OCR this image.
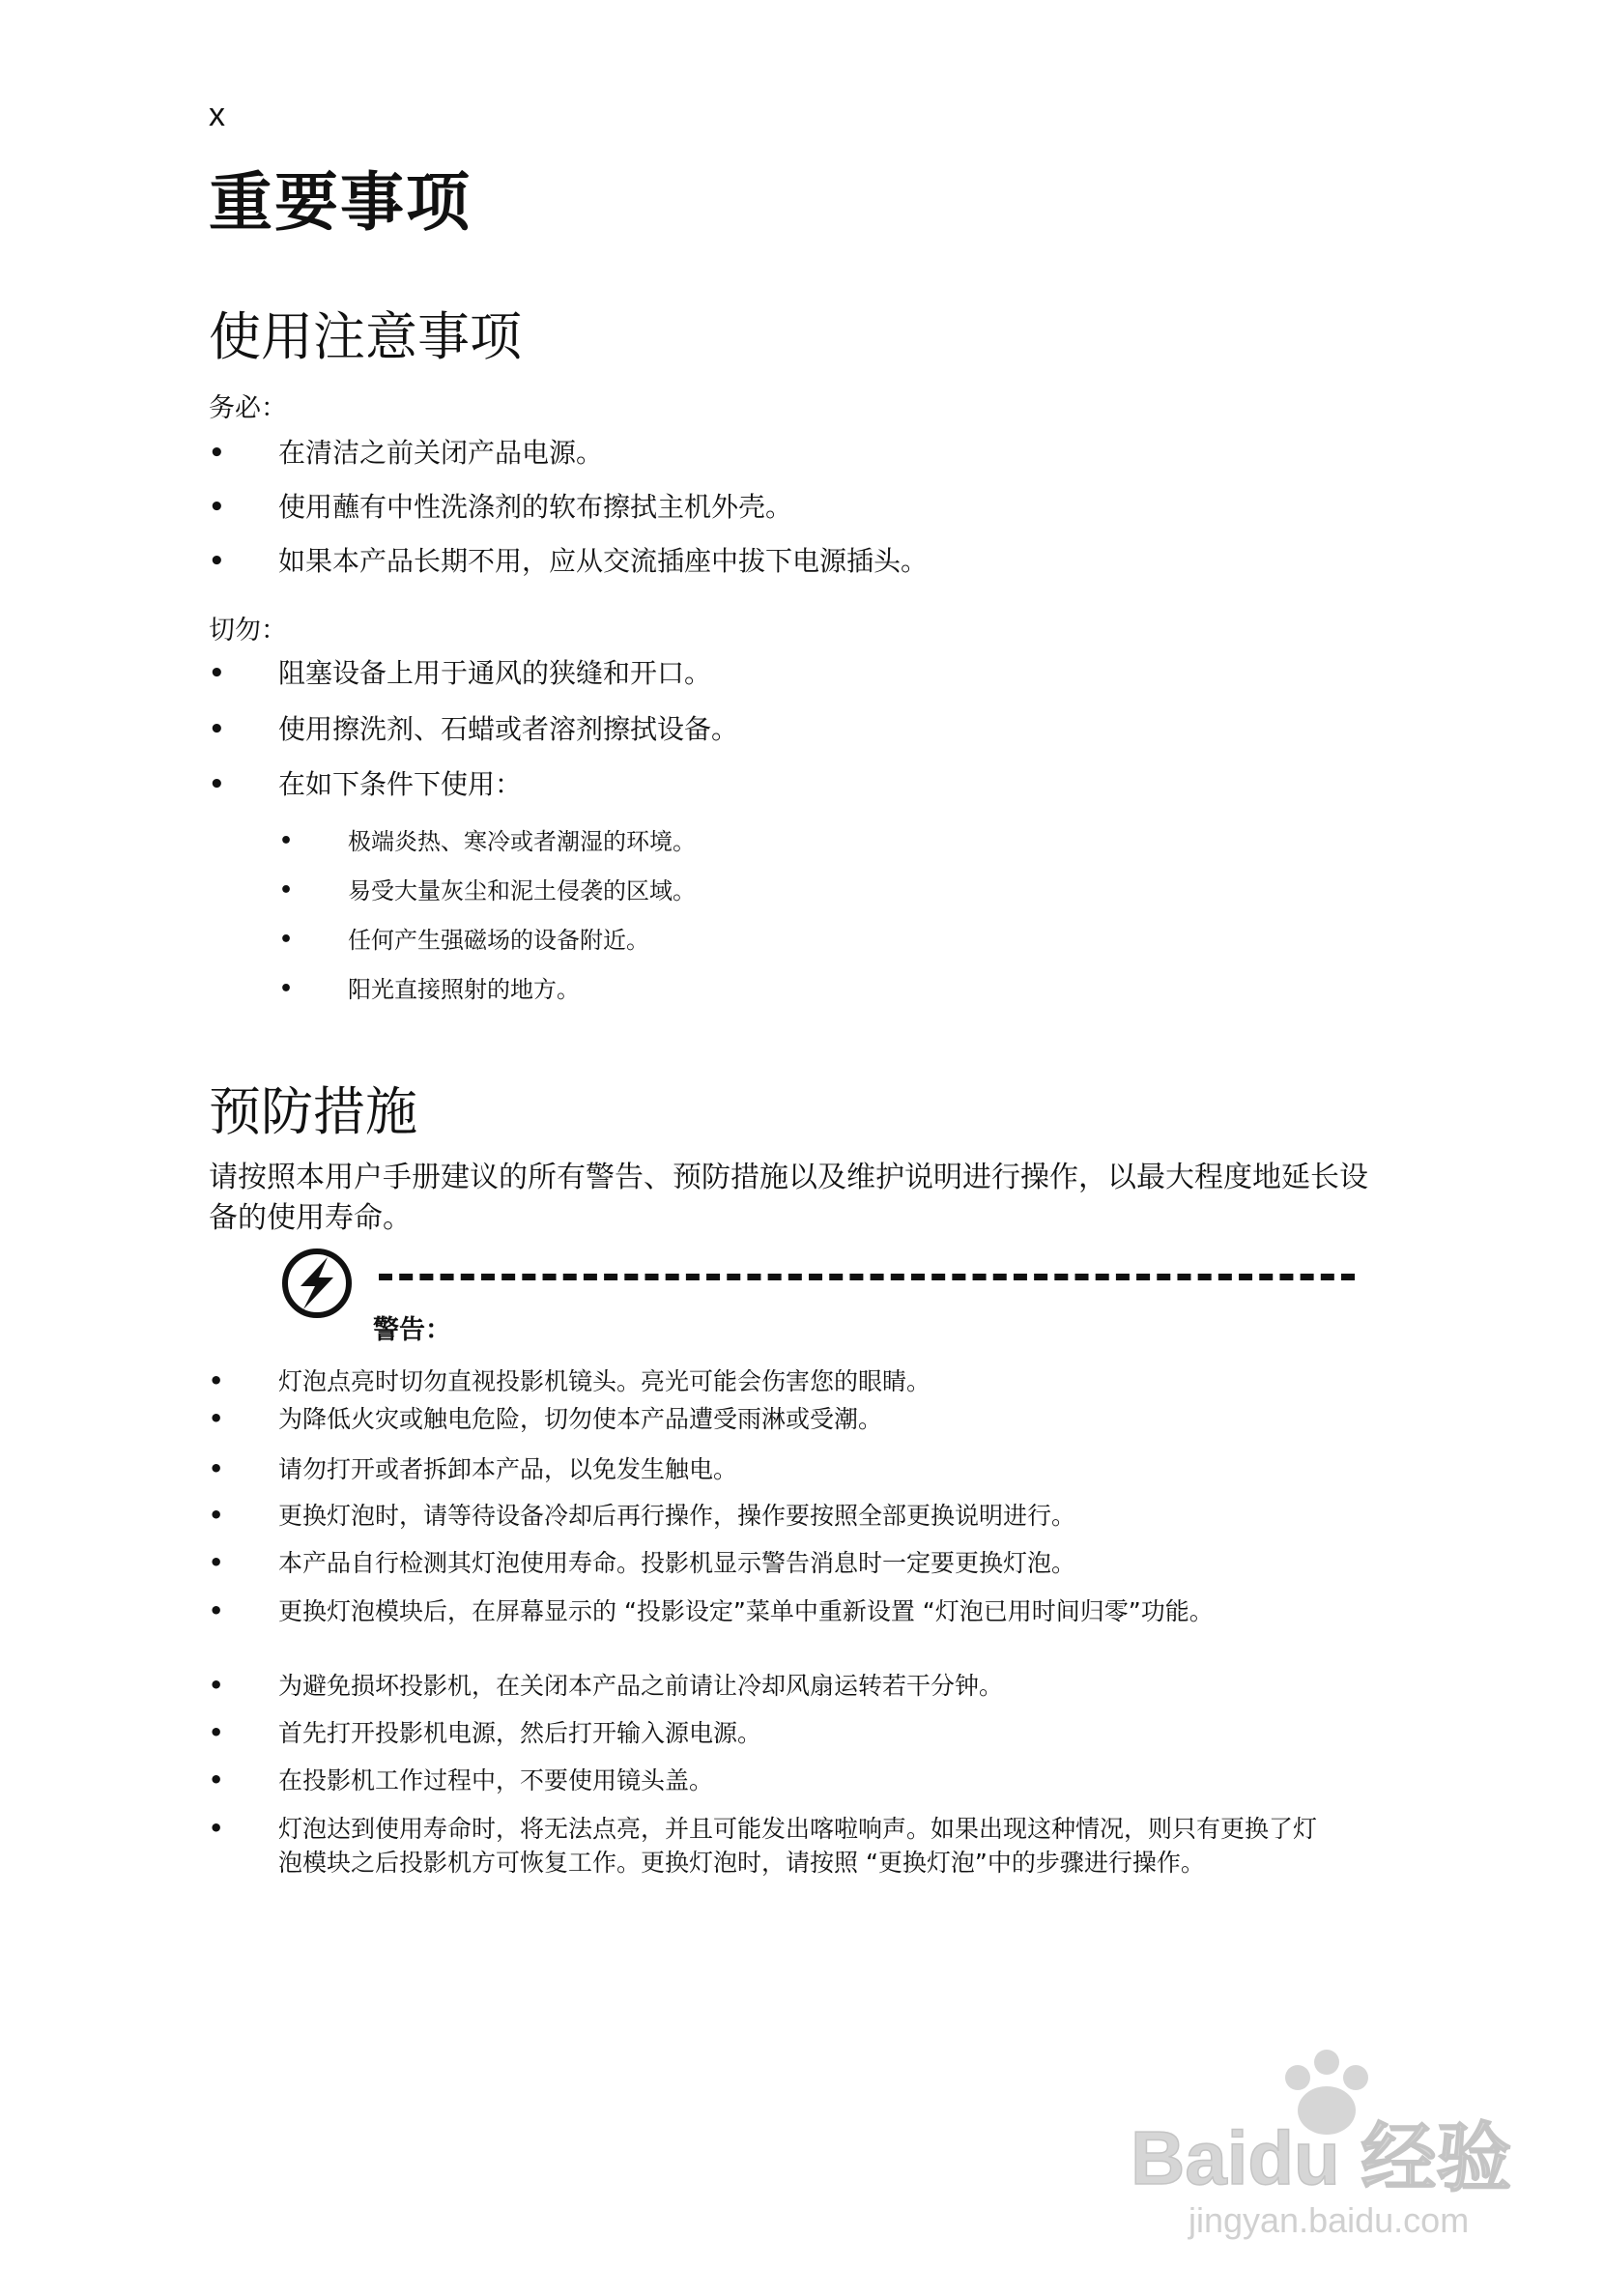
x
重要事项
使用注意事项
务必：
• 在清洁之前关闭产品电源。
• 使用蘸有中性洗涤剂的软布擦拭主机外壳。
• 如果本产品长期不用，应从交流插座中拔下电源插头。
切勿：
• 阻塞设备上用于通风的狭缝和开口。
• 使用擦洗剂、石蜡或者溶剂擦拭设备。
• 在如下条件下使用：
• 极端炎热、寒冷或者潮湿的环境。
• 易受大量灰尘和泥土侵袭的区域。
• 任何产生强磁场的设备附近。
• 阳光直接照射的地方。
预防措施
请按照本用户手册建议的所有警告、预防措施以及维护说明进行操作，以最大程度地延长设备的使用寿命。
警告：
• 灯泡点亮时切勿直视投影机镜头。亮光可能会伤害您的眼睛。
• 为降低火灾或触电危险，切勿使本产品遭受雨淋或受潮。
• 请勿打开或者拆卸本产品，以免发生触电。
• 更换灯泡时，请等待设备冷却后再行操作，操作要按照全部更换说明进行。
• 本产品自行检测其灯泡使用寿命。投影机显示警告消息时一定要更换灯泡。
• 更换灯泡模块后，在屏幕显示的 “投影设定”菜单中重新设置 “灯泡已用时间归零”功能。
• 为避免损坏投影机，在关闭本产品之前请让冷却风扇运转若干分钟。
• 首先打开投影机电源，然后打开输入源电源。
• 在投影机工作过程中，不要使用镜头盖。
• 灯泡达到使用寿命时，将无法点亮，并且可能发出喀啦响声。如果出现这种情况，则只有更换了灯泡模块之后投影机方可恢复工作。更换灯泡时，请按照 “更换灯泡”中的步骤进行操作。
Baidu 经验
jingyan.baidu.com
